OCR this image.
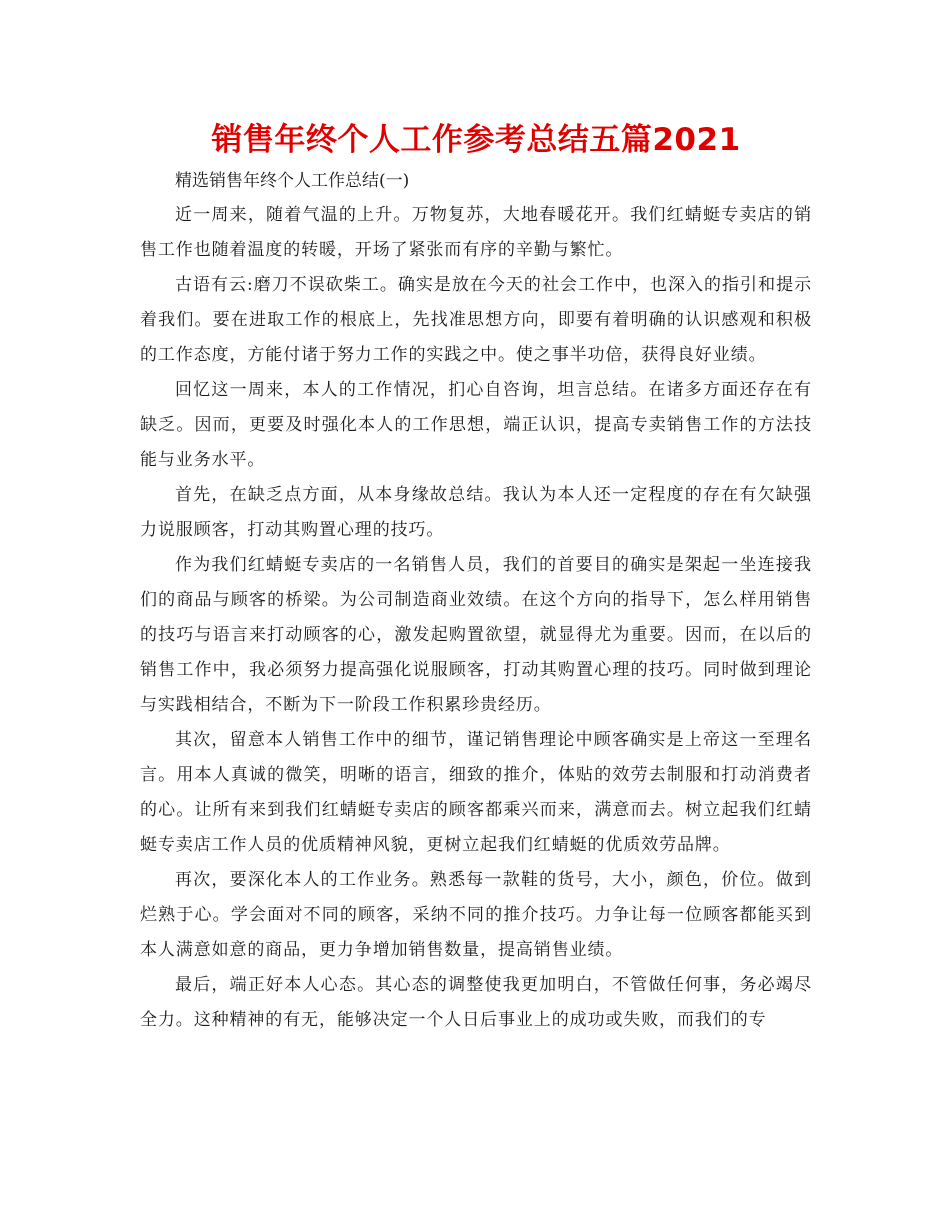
销售年终个人工作参考总结五篇2021

精选销售年终个人工作总结(一)

近一周来，随着气温的上升。万物复苏，大地春暖花开。我们红蜻蜓专卖店的销售工作也随着温度的转暖，开场了紧张而有序的辛勤与繁忙。

古语有云:磨刀不误砍柴工。确实是放在今天的社会工作中，也深入的指引和提示着我们。要在进取工作的根底上，先找准思想方向，即要有着明确的认识感观和积极的工作态度，方能付诸于努力工作的实践之中。使之事半功倍，获得良好业绩。

回忆这一周来，本人的工作情况，扪心自咨询，坦言总结。在诸多方面还存在有缺乏。因而，更要及时强化本人的工作思想，端正认识，提高专卖销售工作的方法技能与业务水平。

首先，在缺乏点方面，从本身缘故总结。我认为本人还一定程度的存在有欠缺强力说服顾客，打动其购置心理的技巧。

作为我们红蜻蜓专卖店的一名销售人员，我们的首要目的确实是架起一坐连接我们的商品与顾客的桥梁。为公司制造商业效绩。在这个方向的指导下，怎么样用销售的技巧与语言来打动顾客的心，激发起购置欲望，就显得尤为重要。因而，在以后的销售工作中，我必须努力提高强化说服顾客，打动其购置心理的技巧。同时做到理论与实践相结合，不断为下一阶段工作积累珍贵经历。

其次，留意本人销售工作中的细节，谨记销售理论中顾客确实是上帝这一至理名言。用本人真诚的微笑，明晰的语言，细致的推介，体贴的效劳去制服和打动消费者的心。让所有来到我们红蜻蜓专卖店的顾客都乘兴而来，满意而去。树立起我们红蜻蜓专卖店工作人员的优质精神风貌，更树立起我们红蜻蜓的优质效劳品牌。

再次，要深化本人的工作业务。熟悉每一款鞋的货号，大小，颜色，价位。做到烂熟于心。学会面对不同的顾客，采纳不同的推介技巧。力争让每一位顾客都能买到本人满意如意的商品，更力争增加销售数量，提高销售业绩。

最后，端正好本人心态。其心态的调整使我更加明白，不管做任何事，务必竭尽全力。这种精神的有无，能够决定一个人日后事业上的成功或失败，而我们的专
